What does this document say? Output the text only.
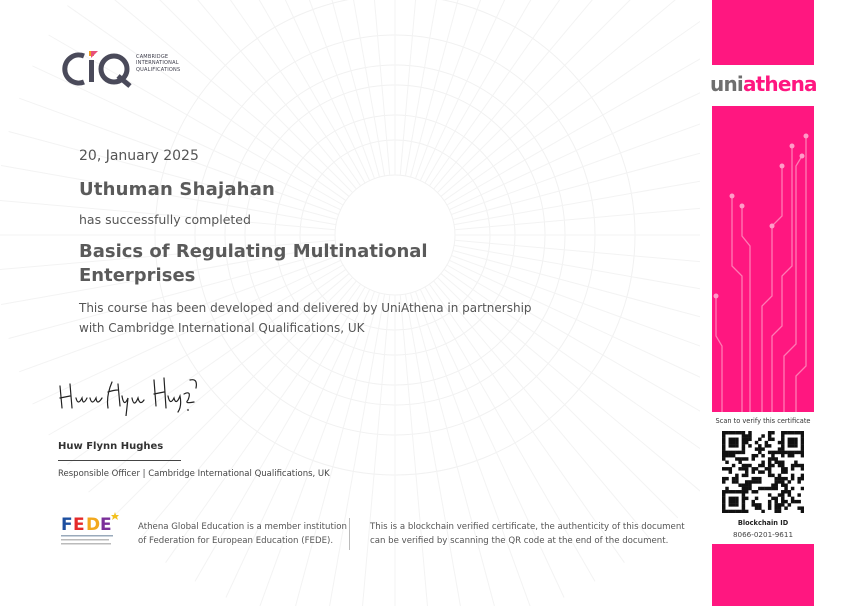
CAMBRIDGE
INTERNATIONAL
QUALIFICATIONS
20, January 2025
Uthuman Shajahan
has successfully completed
Basics of Regulating Multinational Enterprises
This course has been developed and delivered by UniAthena in partnership with Cambridge International Qualifications, UK
Huw Flynn Hughes
Responsible Officer | Cambridge International Qualifications, UK
F E D E	Athena Global Education is a member institution of Federation for European Education (FEDE).
This is a blockchain verified certificate, the authenticity of this document can be verified by scanning the QR code at the end of the document.
uniathena
Scan to verify this certificate
Blockchain ID
8066-0201-9611
